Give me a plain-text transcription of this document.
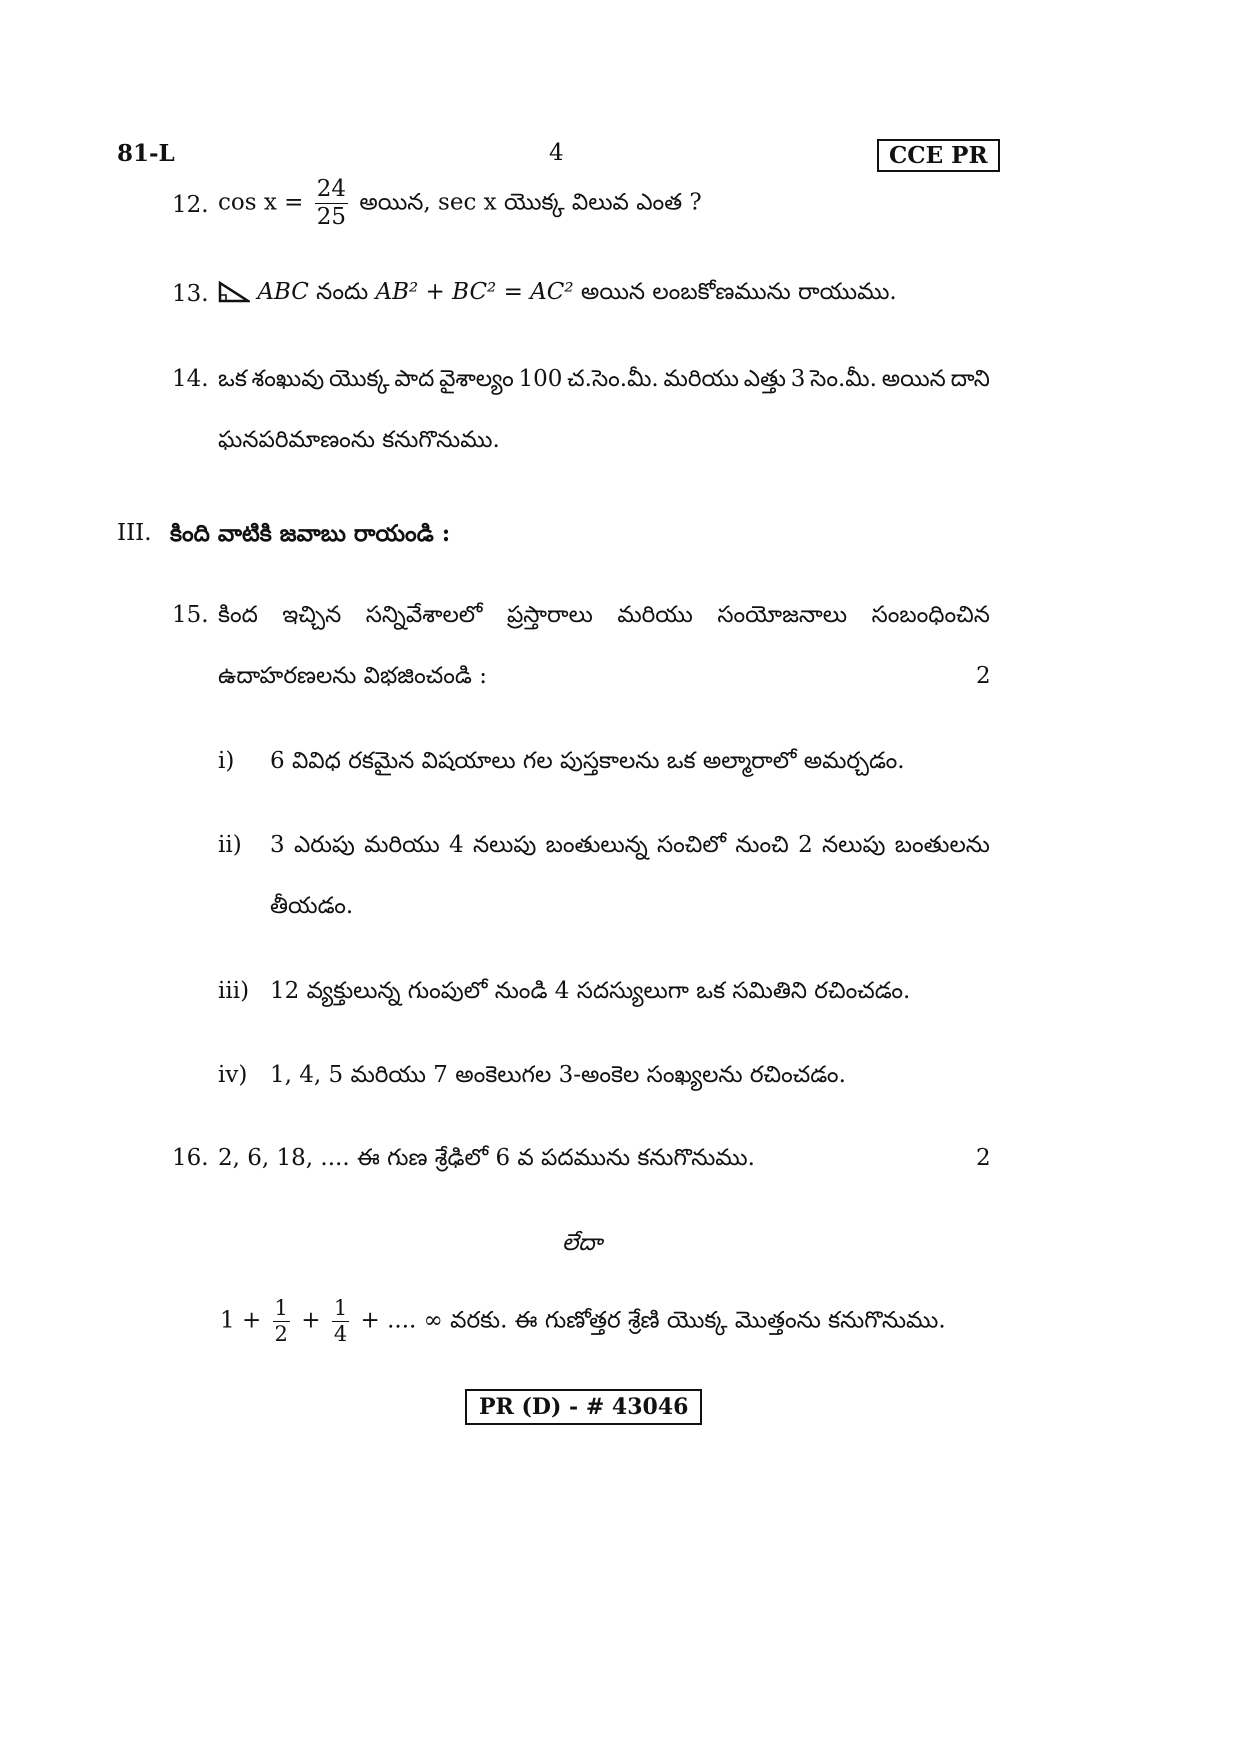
81-L	4	CCE PR
12. $\cos x = \frac{24}{25}$ అయిన, sec x యొక్క విలువ ఎంత ?
13.	ABC నందు AB² + BC² = AC² అయిన లంబకోణమును రాయుము.
14. ఒక శంఖువు యొక్క పాద వైశాల్యం 100 చ.సెం.మీ. మరియు ఎత్తు 3 సెం.మీ. అయిన దాని
ఘనపరిమాణంను కనుగొనుము.
III. కింది వాటికి జవాబు రాయండి :
15. కింద ఇచ్చిన సన్నివేశాలలో ప్రస్తారాలు మరియు సంయోజనాలు సంబంధించిన
ఉదాహరణలను విభజించండి :	2
i) 6 వివిధ రకమైన విషయాలు గల పుస్తకాలను ఒక అల్మారాలో అమర్చడం.
ii) 3 ఎరుపు మరియు 4 నలుపు బంతులున్న సంచిలో నుంచి 2 నలుపు బంతులను
తీయడం.
iii) 12 వ్యక్తులున్న గుంపులో నుండి 4 సదస్యులుగా ఒక సమితిని రచించడం.
iv) 1, 4, 5 మరియు 7 అంకెలుగల 3-అంకెల సంఖ్యలను రచించడం.
16. 2, 6, 18, .... ఈ గుణ శ్రేఢిలో 6 వ పదమును కనుగొనుము.	2
లేదా
$1 + \frac{1}{2} + \frac{1}{4}$ + .... ∞ వరకు. ఈ గుణోత్తర శ్రేణి యొక్క మొత్తంను కనుగొనుము.
PR (D) - # 43046
